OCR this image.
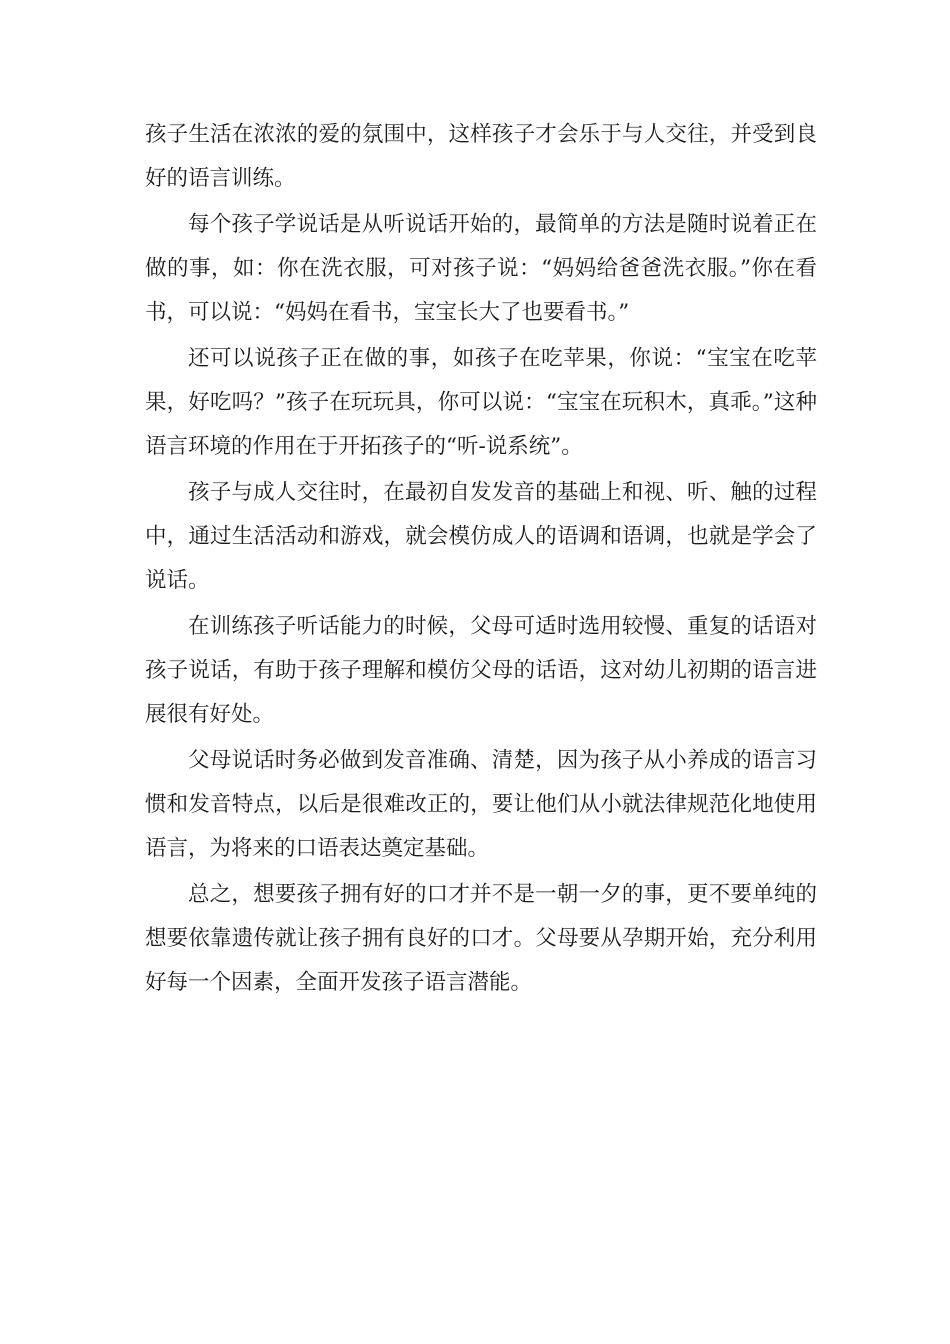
孩子生活在浓浓的爱的氛围中，这样孩子才会乐于与人交往，并受到良好的语言训练。

每个孩子学说话是从听说话开始的，最简单的方法是随时说着正在做的事，如：你在洗衣服，可对孩子说：“妈妈给爸爸洗衣服。”你在看书，可以说：“妈妈在看书，宝宝长大了也要看书。”

还可以说孩子正在做的事，如孩子在吃苹果，你说：“宝宝在吃苹果，好吃吗？”孩子在玩玩具，你可以说：“宝宝在玩积木，真乖。”这种语言环境的作用在于开拓孩子的“听-说系统”。

孩子与成人交往时，在最初自发发音的基础上和视、听、触的过程中，通过生活活动和游戏，就会模仿成人的语调和语调，也就是学会了说话。

在训练孩子听话能力的时候，父母可适时选用较慢、重复的话语对孩子说话，有助于孩子理解和模仿父母的话语，这对幼儿初期的语言进展很有好处。

父母说话时务必做到发音准确、清楚，因为孩子从小养成的语言习惯和发音特点，以后是很难改正的，要让他们从小就法律规范化地使用语言，为将来的口语表达奠定基础。

总之，想要孩子拥有好的口才并不是一朝一夕的事，更不要单纯的想要依靠遗传就让孩子拥有良好的口才。父母要从孕期开始，充分利用好每一个因素，全面开发孩子语言潜能。
